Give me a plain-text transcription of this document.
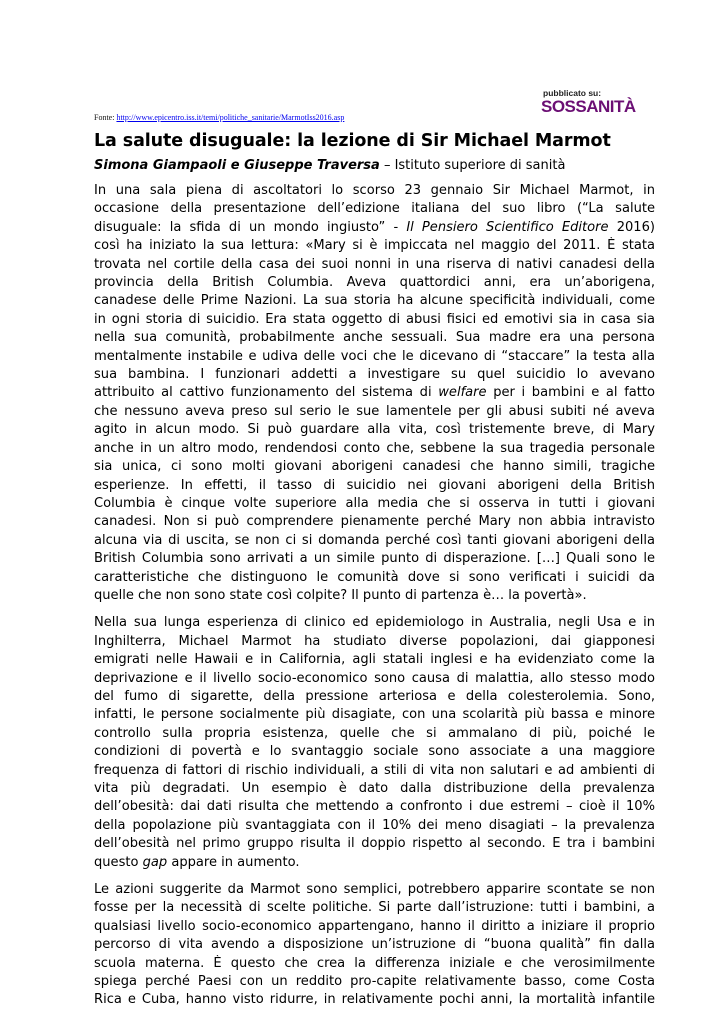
pubblicato su:
SOSSANITÀ
Fonte: http://www.epicentro.iss.it/temi/politiche_sanitarie/MarmotIss2016.asp
La salute disuguale: la lezione di Sir Michael Marmot
Simona Giampaoli e Giuseppe Traversa – Istituto superiore di sanità

In una sala piena di ascoltatori lo scorso 23 gennaio Sir Michael Marmot, in
occasione della presentazione dell’edizione italiana del suo libro (“La salute
disuguale: la sfida di un mondo ingiusto” - Il Pensiero Scientifico Editore 2016)
così ha iniziato la sua lettura: «Mary si è impiccata nel maggio del 2011. È stata
trovata nel cortile della casa dei suoi nonni in una riserva di nativi canadesi della
provincia della British Columbia. Aveva quattordici anni, era un’aborigena,
canadese delle Prime Nazioni. La sua storia ha alcune specificità individuali, come
in ogni storia di suicidio. Era stata oggetto di abusi fisici ed emotivi sia in casa sia
nella sua comunità, probabilmente anche sessuali. Sua madre era una persona
mentalmente instabile e udiva delle voci che le dicevano di “staccare” la testa alla
sua bambina. I funzionari addetti a investigare su quel suicidio lo avevano
attribuito al cattivo funzionamento del sistema di welfare per i bambini e al fatto
che nessuno aveva preso sul serio le sue lamentele per gli abusi subiti né aveva
agito in alcun modo. Si può guardare alla vita, così tristemente breve, di Mary
anche in un altro modo, rendendosi conto che, sebbene la sua tragedia personale
sia unica, ci sono molti giovani aborigeni canadesi che hanno simili, tragiche
esperienze. In effetti, il tasso di suicidio nei giovani aborigeni della British
Columbia è cinque volte superiore alla media che si osserva in tutti i giovani
canadesi. Non si può comprendere pienamente perché Mary non abbia intravisto
alcuna via di uscita, se non ci si domanda perché così tanti giovani aborigeni della
British Columbia sono arrivati a un simile punto di disperazione. […] Quali sono le
caratteristiche che distinguono le comunità dove si sono verificati i suicidi da
quelle che non sono state così colpite? Il punto di partenza è… la povertà».

Nella sua lunga esperienza di clinico ed epidemiologo in Australia, negli Usa e in
Inghilterra, Michael Marmot ha studiato diverse popolazioni, dai giapponesi
emigrati nelle Hawaii e in California, agli statali inglesi e ha evidenziato come la
deprivazione e il livello socio-economico sono causa di malattia, allo stesso modo
del fumo di sigarette, della pressione arteriosa e della colesterolemia. Sono,
infatti, le persone socialmente più disagiate, con una scolarità più bassa e minore
controllo sulla propria esistenza, quelle che si ammalano di più, poiché le
condizioni di povertà e lo svantaggio sociale sono associate a una maggiore
frequenza di fattori di rischio individuali, a stili di vita non salutari e ad ambienti di
vita più degradati. Un esempio è dato dalla distribuzione della prevalenza
dell’obesità: dai dati risulta che mettendo a confronto i due estremi – cioè il 10%
della popolazione più svantaggiata con il 10% dei meno disagiati – la prevalenza
dell’obesità nel primo gruppo risulta il doppio rispetto al secondo. E tra i bambini
questo gap appare in aumento.

Le azioni suggerite da Marmot sono semplici, potrebbero apparire scontate se non
fosse per la necessità di scelte politiche. Si parte dall’istruzione: tutti i bambini, a
qualsiasi livello socio-economico appartengano, hanno il diritto a iniziare il proprio
percorso di vita avendo a disposizione un’istruzione di “buona qualità” fin dalla
scuola materna. È questo che crea la differenza iniziale e che verosimilmente
spiega perché Paesi con un reddito pro-capite relativamente basso, come Costa
Rica e Cuba, hanno visto ridurre, in relativamente pochi anni, la mortalità infantile
